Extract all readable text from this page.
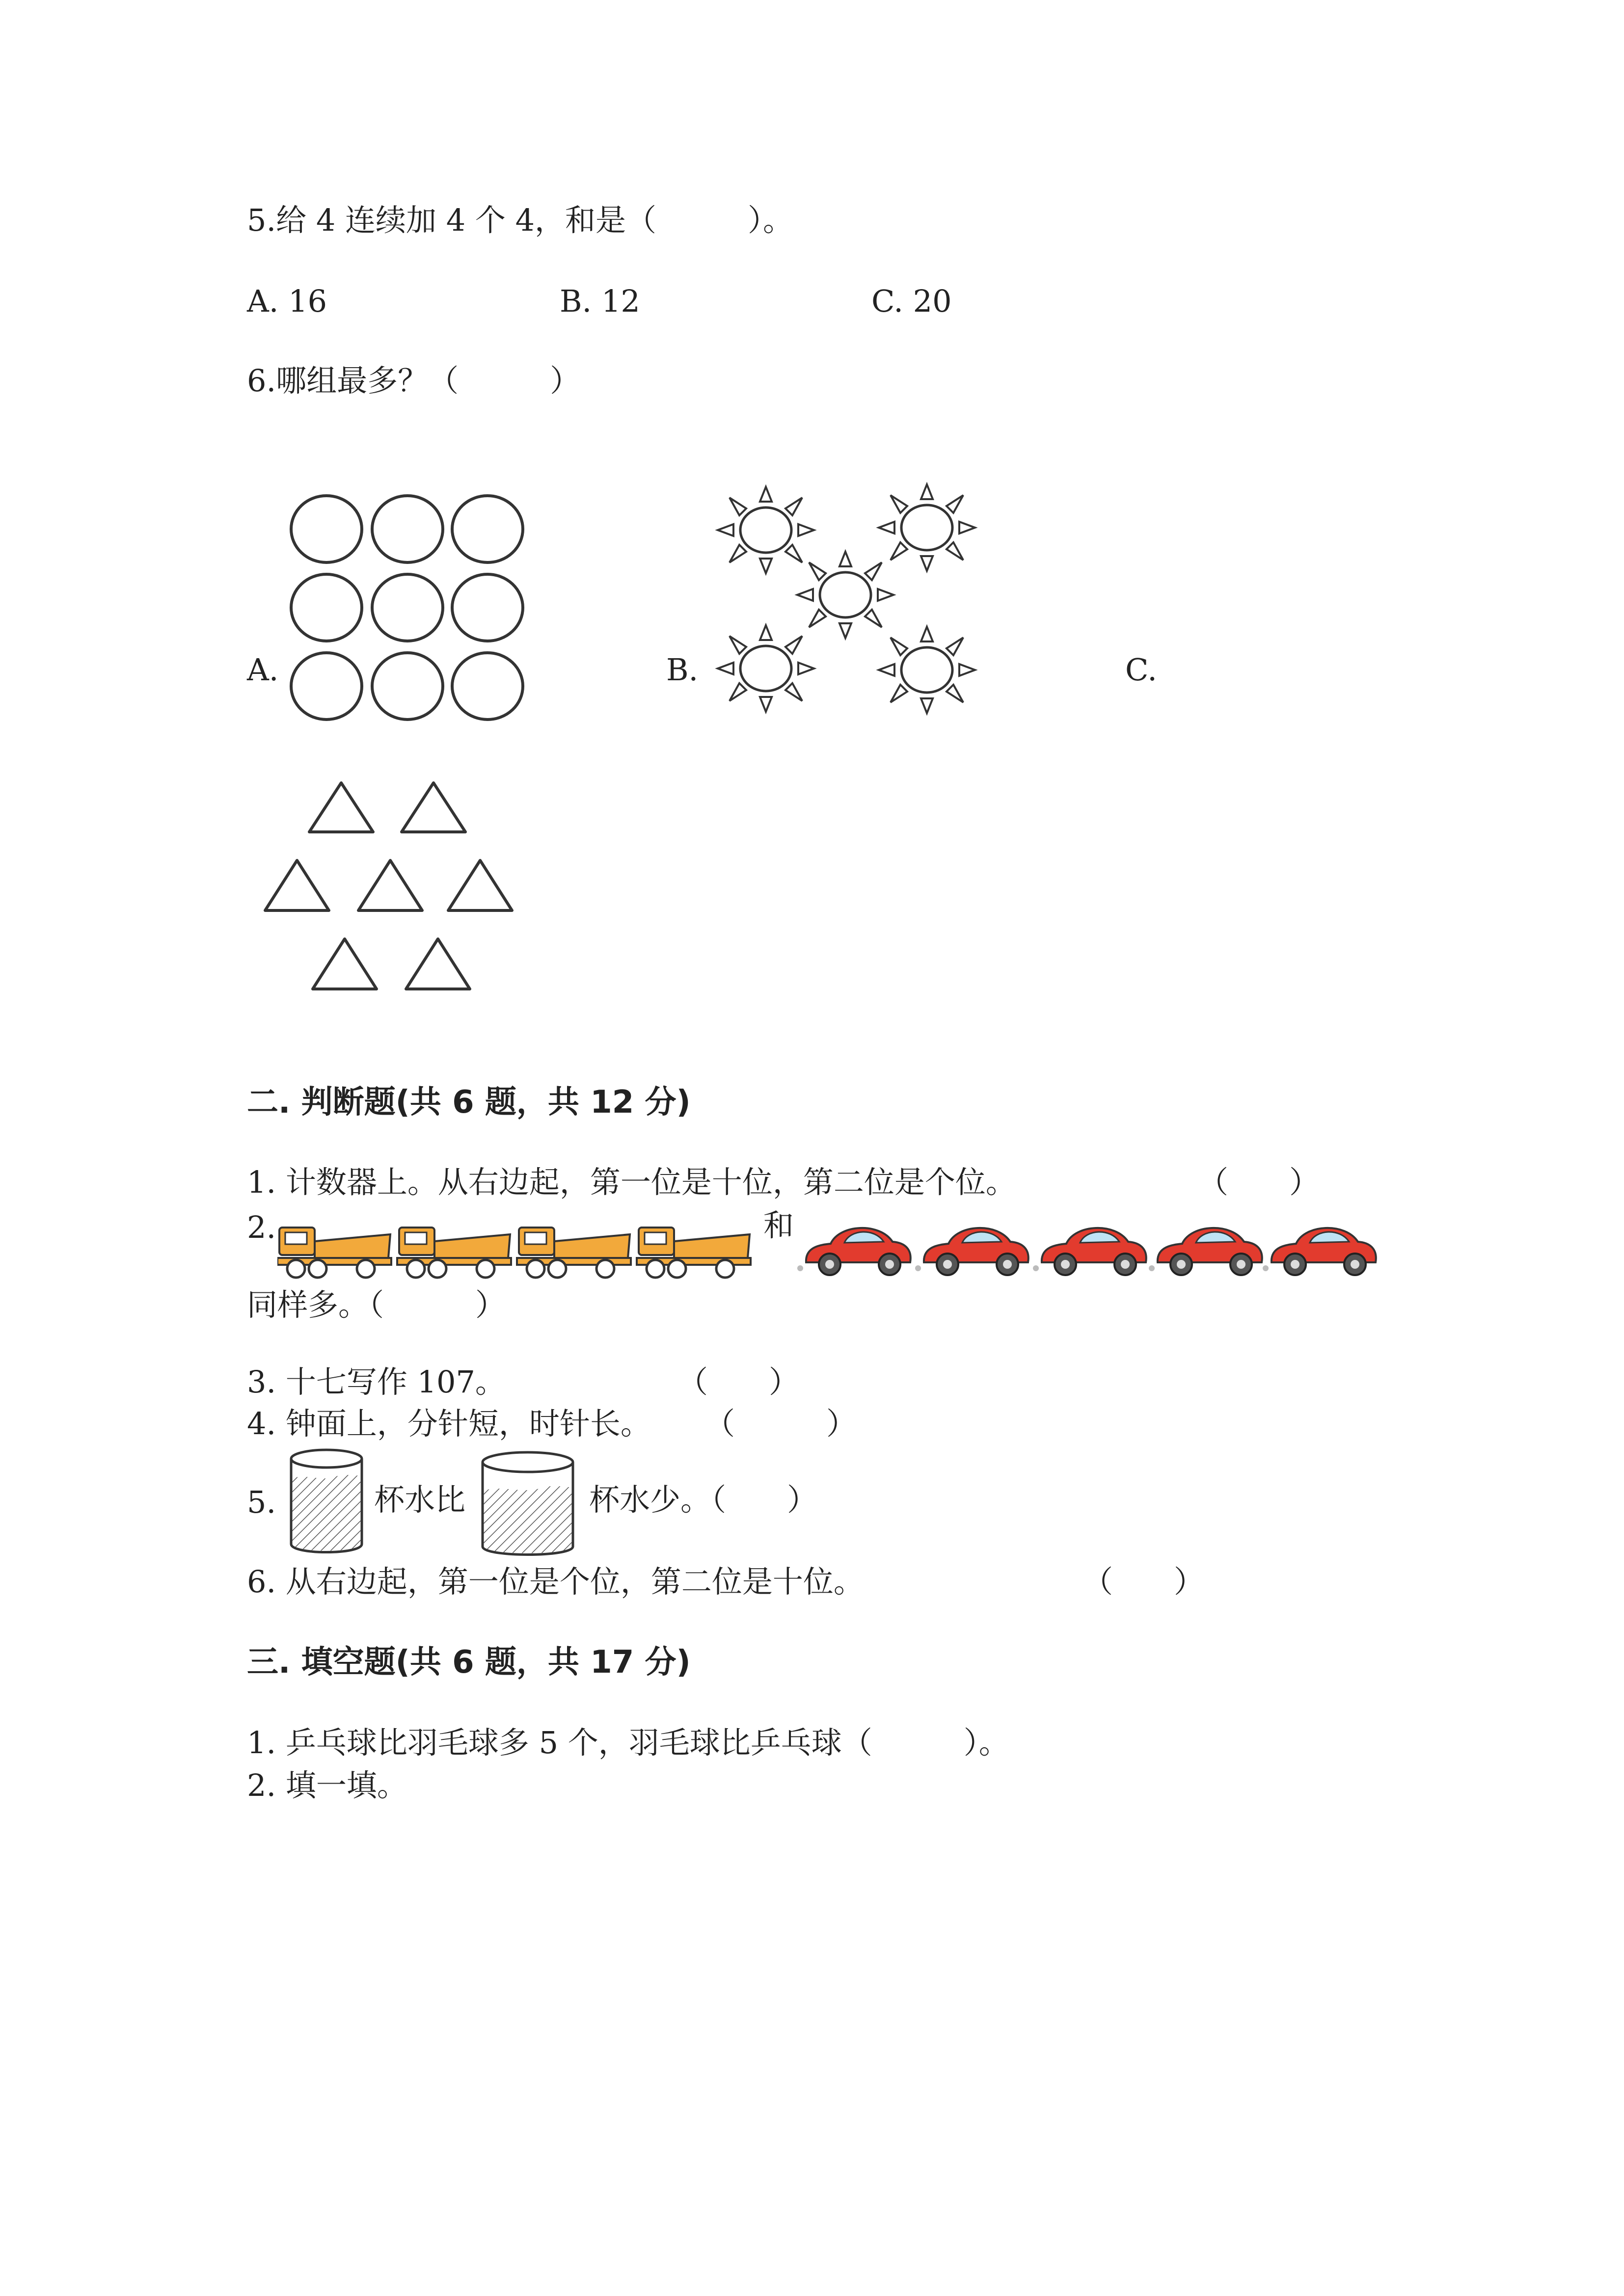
5.给 4 连续加 4 个 4，和是（　　　）。
A. 16	B. 12	C. 20
6.哪组最多？（　　　）
A.	B.	C.
二. 判断题(共 6 题，共 12 分)
1. 计数器上。从右边起，第一位是十位，第二位是个位。	（　　）
2.	和
同样多。（　　　）
3. 十七写作 107。	（　　）
4. 钟面上，分针短，时针长。 （　　　）
5.	杯水比	杯水少。（　　）
6. 从右边起，第一位是个位，第二位是十位。	（　　）
三. 填空题(共 6 题，共 17 分)
1. 乒乓球比羽毛球多 5 个，羽毛球比乒乓球（　　　）。
2. 填一填。
